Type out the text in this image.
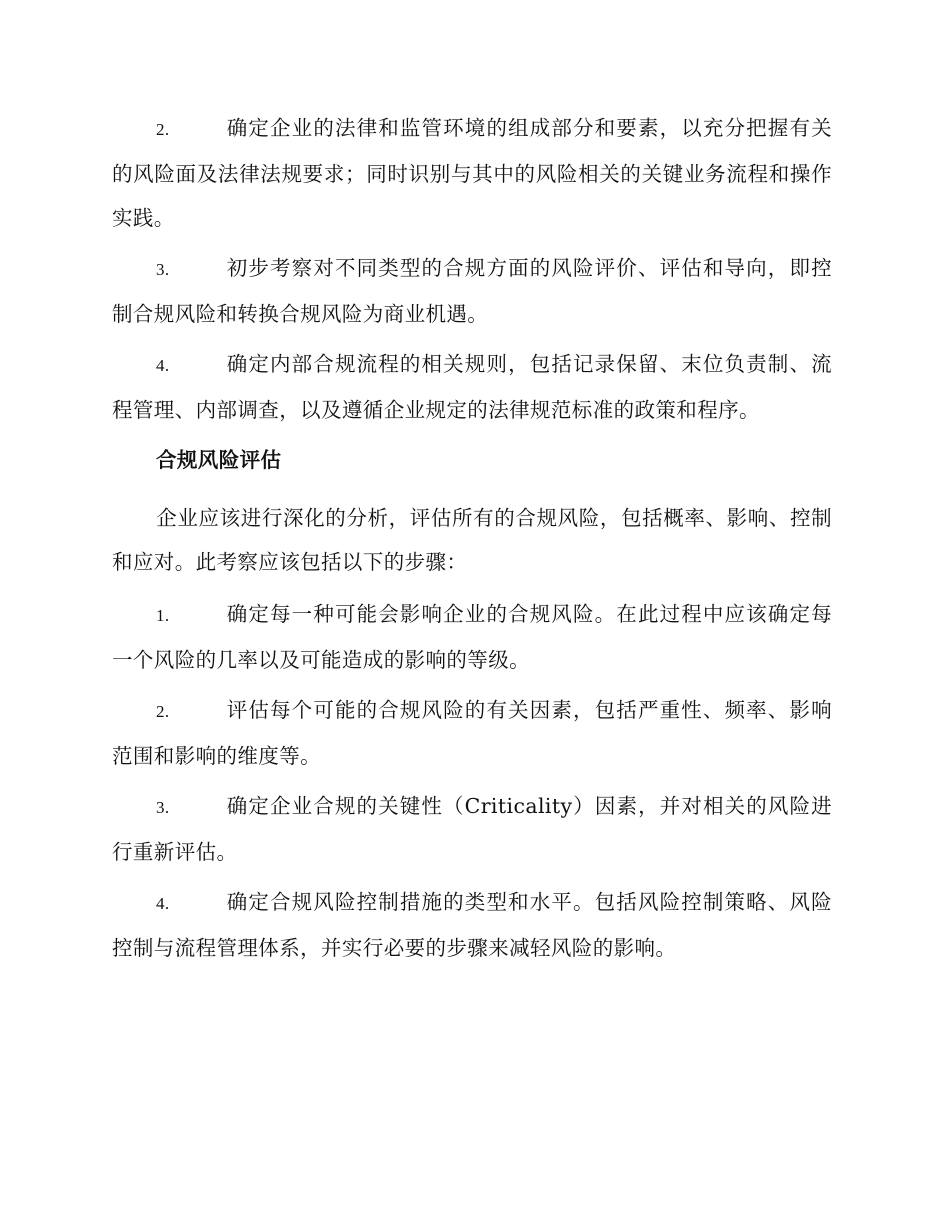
2.	确定企业的法律和监管环境的组成部分和要素，以充分把握有关的风险面及法律法规要求；同时识别与其中的风险相关的关键业务流程和操作实践。

3.	初步考察对不同类型的合规方面的风险评价、评估和导向，即控制合规风险和转换合规风险为商业机遇。

4.	确定内部合规流程的相关规则，包括记录保留、末位负责制、流程管理、内部调查，以及遵循企业规定的法律规范标准的政策和程序。

合规风险评估

企业应该进行深化的分析，评估所有的合规风险，包括概率、影响、控制和应对。此考察应该包括以下的步骤：

1.	确定每一种可能会影响企业的合规风险。在此过程中应该确定每一个风险的几率以及可能造成的影响的等级。

2.	评估每个可能的合规风险的有关因素，包括严重性、频率、影响范围和影响的维度等。

3.	确定企业合规的关键性（Criticality）因素，并对相关的风险进行重新评估。

4.	确定合规风险控制措施的类型和水平。包括风险控制策略、风险控制与流程管理体系，并实行必要的步骤来减轻风险的影响。
